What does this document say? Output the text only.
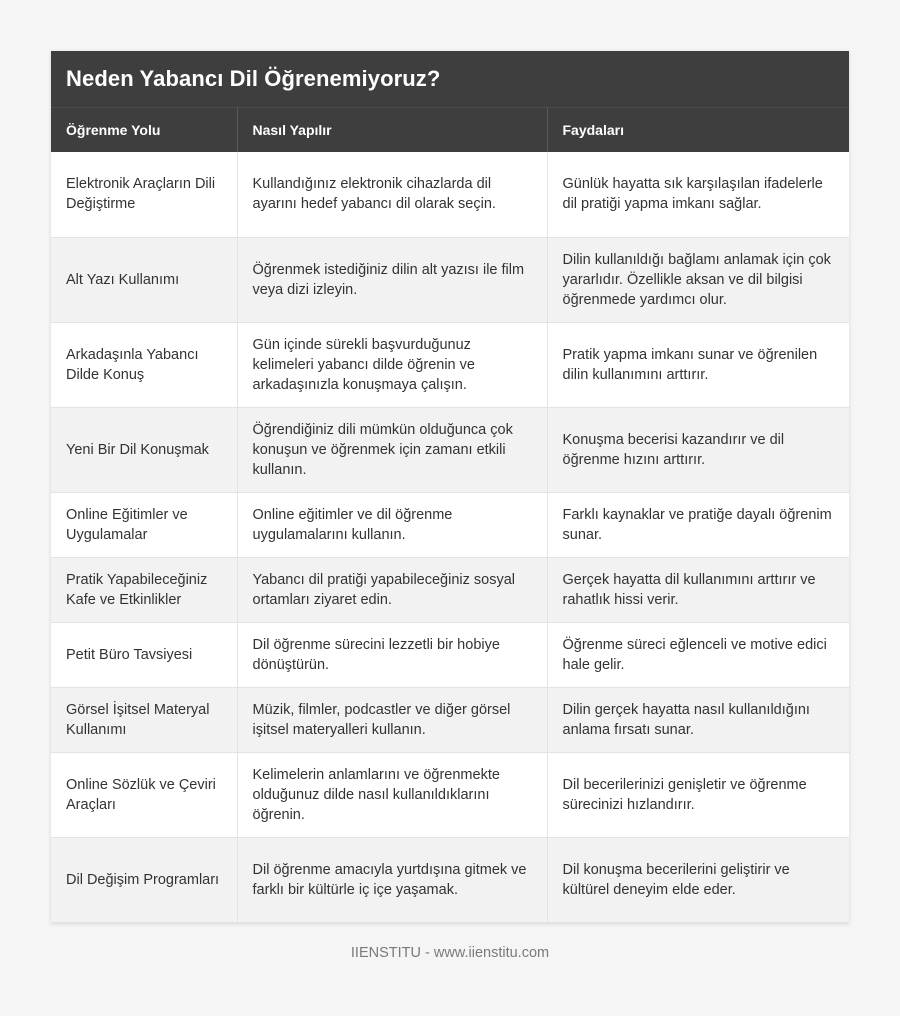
Neden Yabancı Dil Öğrenemiyoruz?
Öğrenme Yolu	Nasıl Yapılır	Faydaları
Elektronik Araçların Dili Değiştirme	Kullandığınız elektronik cihazlarda dil ayarını hedef yabancı dil olarak seçin.	Günlük hayatta sık karşılaşılan ifadelerle dil pratiği yapma imkanı sağlar.
Alt Yazı Kullanımı	Öğrenmek istediğiniz dilin alt yazısı ile film veya dizi izleyin.	Dilin kullanıldığı bağlamı anlamak için çok yararlıdır. Özellikle aksan ve dil bilgisi öğrenmede yardımcı olur.
Arkadaşınla Yabancı Dilde Konuş	Gün içinde sürekli başvurduğunuz kelimeleri yabancı dilde öğrenin ve arkadaşınızla konuşmaya çalışın.	Pratik yapma imkanı sunar ve öğrenilen dilin kullanımını arttırır.
Yeni Bir Dil Konuşmak	Öğrendiğiniz dili mümkün olduğunca çok konuşun ve öğrenmek için zamanı etkili kullanın.	Konuşma becerisi kazandırır ve dil öğrenme hızını arttırır.
Online Eğitimler ve Uygulamalar	Online eğitimler ve dil öğrenme uygulamalarını kullanın.	Farklı kaynaklar ve pratiğe dayalı öğrenim sunar.
Pratik Yapabileceğiniz Kafe ve Etkinlikler	Yabancı dil pratiği yapabileceğiniz sosyal ortamları ziyaret edin.	Gerçek hayatta dil kullanımını arttırır ve rahatlık hissi verir.
Petit Büro Tavsiyesi	Dil öğrenme sürecini lezzetli bir hobiye dönüştürün.	Öğrenme süreci eğlenceli ve motive edici hale gelir.
Görsel İşitsel Materyal Kullanımı	Müzik, filmler, podcastler ve diğer görsel işitsel materyalleri kullanın.	Dilin gerçek hayatta nasıl kullanıldığını anlama fırsatı sunar.
Online Sözlük ve Çeviri Araçları	Kelimelerin anlamlarını ve öğrenmekte olduğunuz dilde nasıl kullanıldıklarını öğrenin.	Dil becerilerinizi genişletir ve öğrenme sürecinizi hızlandırır.
Dil Değişim Programları	Dil öğrenme amacıyla yurtdışına gitmek ve farklı bir kültürle iç içe yaşamak.	Dil konuşma becerilerini geliştirir ve kültürel deneyim elde eder.
IIENSTITU - www.iienstitu.com
